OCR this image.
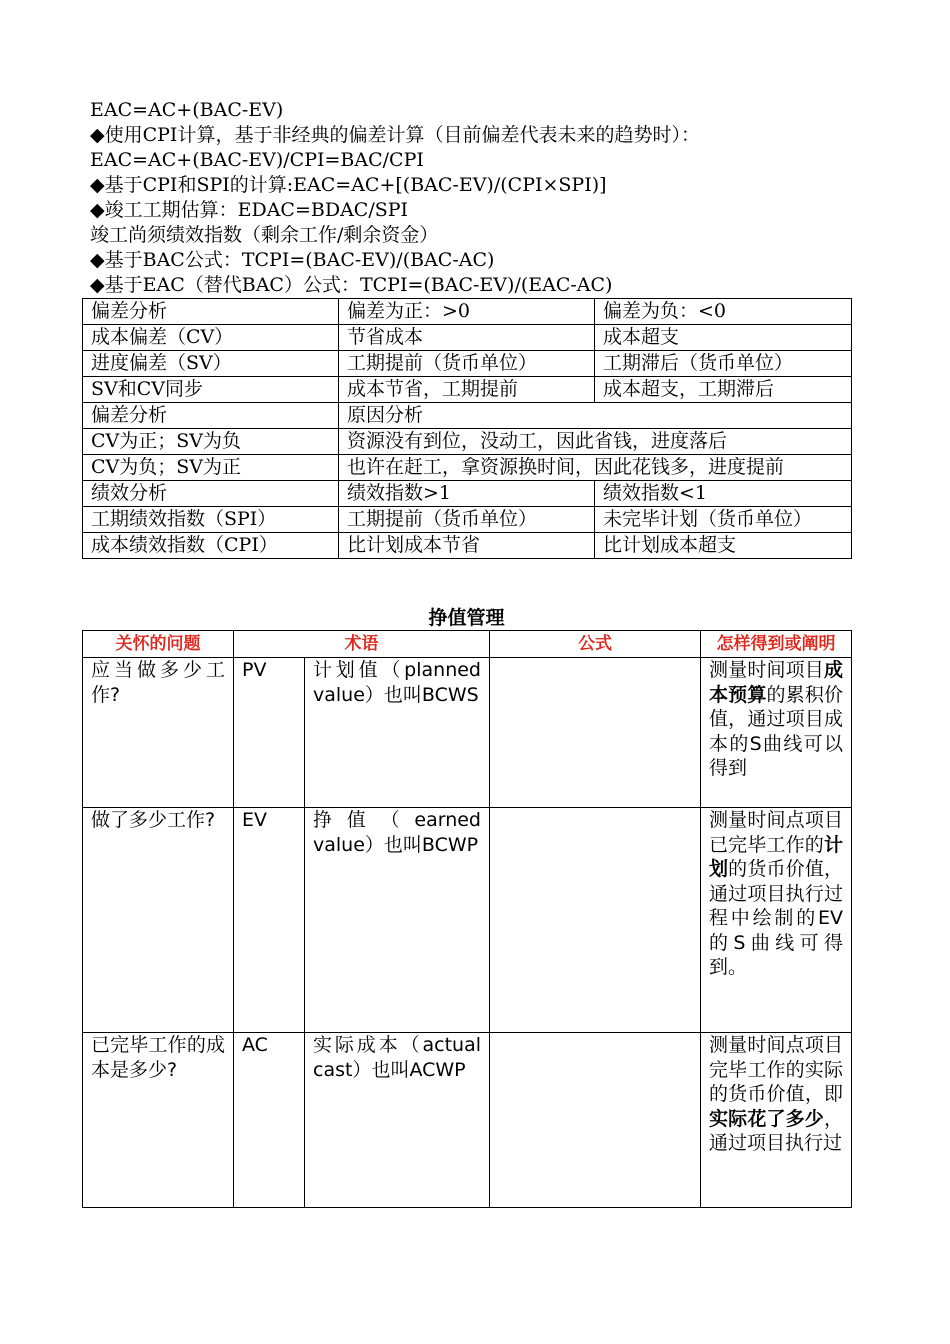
EAC=AC+(BAC-EV)
◆使用CPI计算，基于非经典的偏差计算（目前偏差代表未来的趋势时）：
EAC=AC+(BAC-EV)/CPI=BAC/CPI
◆基于CPI和SPI的计算:EAC=AC+[(BAC-EV)/(CPI×SPI)]
◆竣工工期估算：EDAC=BDAC/SPI
竣工尚须绩效指数（剩余工作/剩余资金）
◆基于BAC公式：TCPI=(BAC-EV)/(BAC-AC)
◆基于EAC（替代BAC）公式：TCPI=(BAC-EV)/(EAC-AC)
偏差分析	偏差为正：>0	偏差为负：<0
成本偏差（CV）	节省成本	成本超支
进度偏差（SV）	工期提前（货币单位）	工期滞后（货币单位）
SV和CV同步	成本节省，工期提前	成本超支，工期滞后
偏差分析	原因分析	
CV为正；SV为负	资源没有到位，没动工，因此省钱，进度落后	
CV为负；SV为正	也许在赶工，拿资源换时间，因此花钱多，进度提前	
绩效分析	绩效指数>1	绩效指数<1
工期绩效指数（SPI）	工期提前（货币单位）	未完毕计划（货币单位）
成本绩效指数（CPI）	比计划成本节省	比计划成本超支
挣值管理
关怀的问题	术语		公式	怎样得到或阐明
应当做多少工作?	PV	计划值（planned value）也叫BCWS		测量时间项目成本预算的累积价值，通过项目成本的S曲线可以得到
做了多少工作?	EV	挣值（earned value）也叫BCWP		测量时间点项目已完毕工作的计划的货币价值，通过项目执行过程中绘制的EV的S曲线可得到。
已完毕工作的成本是多少?	AC	实际成本（actual cast）也叫ACWP		测量时间点项目完毕工作的实际的货币价值，即实际花了多少，通过项目执行过
